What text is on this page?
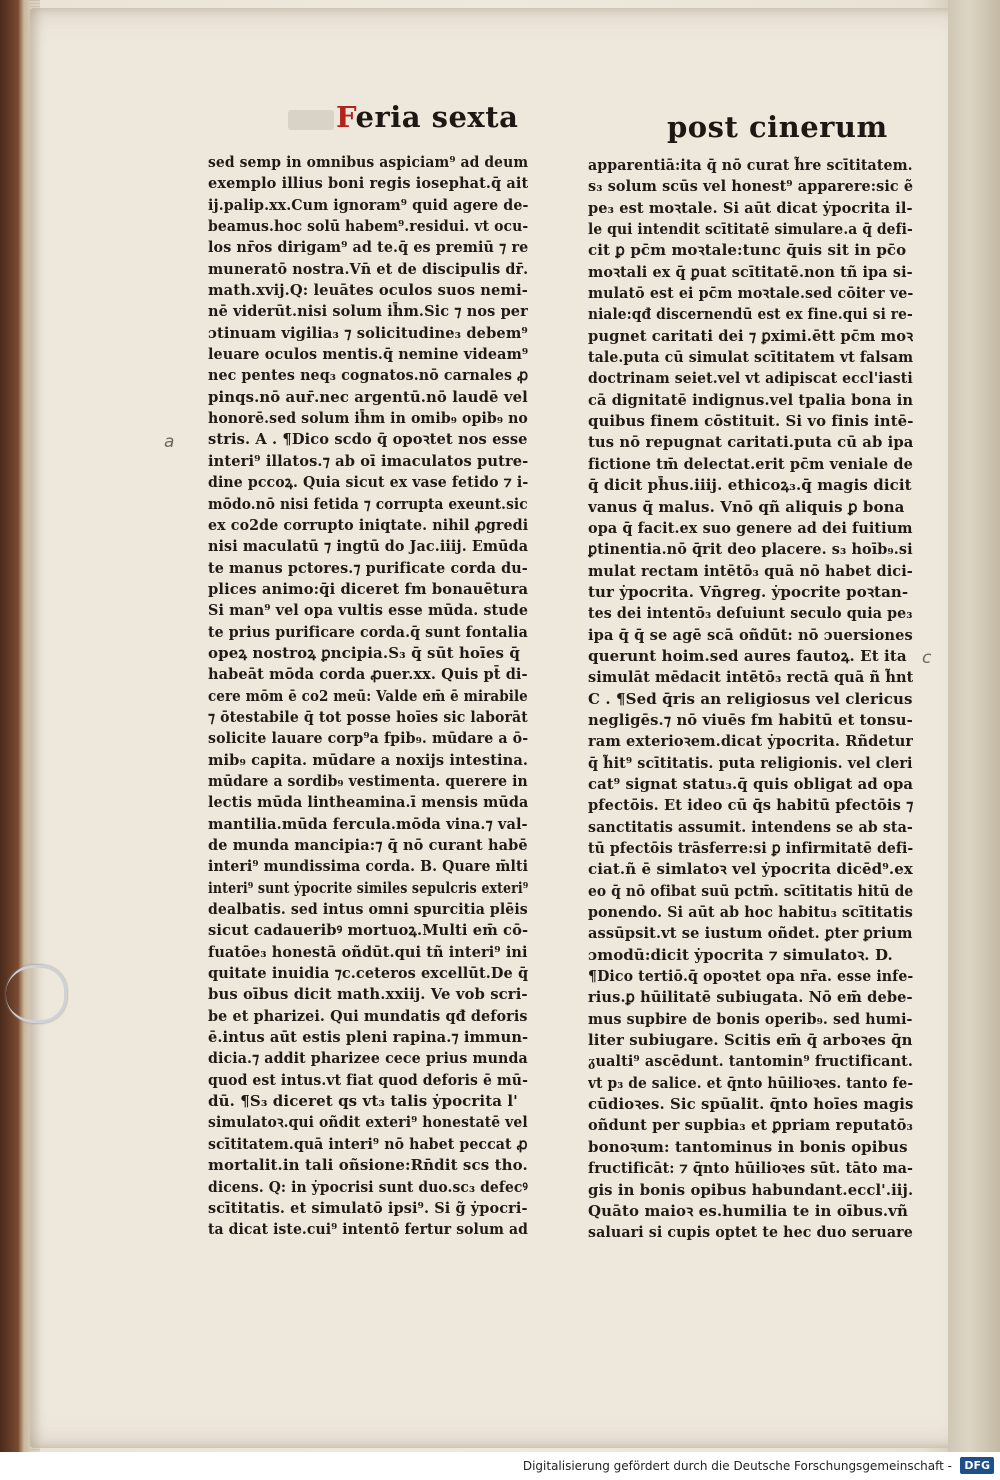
Feria sexta	post cinerum
sed semp in omnibus aspiciam⁹ ad deum
exemplo illius boni regis iosephat.q̄ ait
ij.palip.xx.Cum ignoram⁹ quid agere de-
beamus.hoc solū habem⁹.residui. vt ocu-
los nr̄os dirigam⁹ ad te.q̄ es premiū ⁊ re
muneratō nostra.Vn̄ et de discipulis dr̄.
math.xvij.Q: leuātes oculos suos nemi-
nē viderūt.nisi solum ih̄m.Sic ⁊ nos per
ɔtinuam vigilia₃ ⁊ solicitudine₃ debem⁹
leuare oculos mentis.q̄ nemine videam⁹
nec pentes neq₃ cognatos.nō carnales ꝓ
pinqs.nō aur̄.nec argentū.nō laudē vel
honorē.sed solum ih̄m in omib₉ opib₉ no
stris. A . ¶Dico scdo q̄ opoꝛtet nos esse
interi⁹ illatos.⁊ ab oī imaculatos putre-
dine pccoꝝ. Quia sicut ex vase fetido ⁊ i-
mōdo.nō nisi fetida ⁊ corrupta exeunt.sic
ex co2de corrupto iniqtate. nihil ꝓgredi
nisi maculatū ⁊ ingtū do Jac.iiij. Emūda
te manus pctores.⁊ purificate corda du-
plices animo:q̄i diceret fm bonauētura
Si man⁹ vel opa vultis esse mūda. stude
te prius purificare corda.q̄ sunt fontalia
opeꝝ nostroꝝ ꝑncipia.S₃ q̄ sūt hoīes q̄
habeāt mōda corda ꝓuer.xx. Quis pt̄ di-
cere mōm ē co2 meū: Valde em̄ ē mirabile
⁊ ōtestabile q̄ tot posse hoīes sic laborāt
solicite lauare corp⁹a fpib₉. mūdare a ō-
mib₉ capita. mūdare a noxijs intestina.
mūdare a sordib₉ vestimenta. querere in
lectis mūda lintheamina.ī mensis mūda
mantilia.mūda fercula.mōda vina.⁊ val-
de munda mancipia:⁊ q̄ nō curant habē
interi⁹ mundissima corda. B. Quare m̄lti
interi⁹ sunt ẏpocrite similes sepulcris exteri⁹
dealbatis. sed intus omni spurcitia plēis
sicut cadaueribꝰ mortuoꝝ.Multi em̄ cō-
fuatōe₃ honestā oñdūt.qui tñ interi⁹ ini
quitate inuidia ⁊c.ceteros excellūt.De q̄
bus oībus dicit math.xxiij. Ve vob scri-
be et pharizei. Qui mundatis qđ deforis
ē.intus aūt estis pleni rapina.⁊ immun-
dicia.⁊ addit pharizee cece prius munda
quod est intus.vt fiat quod deforis ē mū-
dū. ¶S₃ diceret qs vt₃ talis ẏpocrita l'
simulatoꝛ.qui oñdit exteri⁹ honestatē vel
scītitatem.quā interi⁹ nō habet peccat ꝓ
mortalit.in tali oñsione:Rn̄dit scs tho.
dicens. Q: in ẏpocrisi sunt duo.sc₃ defecꝰ
scītitatis. et simulatō ipsi⁹. Si g̃ ẏpocri-
ta dicat iste.cui⁹ intentō fertur solum ad
apparentiā:ita q̄ nō curat h̃re scītitatem.
s₃ solum scūs vel honest⁹ apparere:sic ẽ
pe₃ est moꝛtale. Si aūt dicat ẏpocrita il-
le qui intendit scītitatē simulare.a q̄ defi-
cit ꝑ pc̄m moꝛtale:tunc q̄uis sit in pc̄o
moꝛtali ex q̄ ꝑuat scītitatē.non tñ ipa si-
mulatō est ei pc̄m moꝛtale.sed cōiter ve-
niale:qđ discernendū est ex fine.qui si re-
pugnet caritati dei ⁊ ꝑximi.ētt pc̄m moꝛ
tale.puta cū simulat scītitatem vt falsam
doctrinam seiet.vel vt adipiscat eccl'iasti
cā dignitatē indignus.vel tpalia bona in
quibus finem cōstituit. Si vo finis intē-
tus nō repugnat caritati.puta cū ab ipa
fictione tm̄ delectat.erit pc̄m veniale de
q̄ dicit ph̄us.iiij. ethicoꝝ₃.q̄ magis dicit
vanus q̄ malus. Vnō qñ aliquis ꝑ bona
opa q̄ facit.ex suo genere ad dei fuitium
ꝑtinentia.nō q̄rit deo placere. s₃ hoīb₉.si
mulat rectam intētō₃ quā nō habet dici-
tur ẏpocrita. Vn̄greg. ẏpocrite poꝛtan-
tes dei intentō₃ deſuiunt seculo quia pe₃
ipa q̄ q̄ se agē scā oñdūt: nō ɔuersiones
querunt hoim.sed aures fautoꝝ. Et ita
simulāt mēdacit intētō₃ rectā quā ñ h̃nt
C . ¶Sed q̄ris an religiosus vel clericus
negligēs.⁊ nō viuēs fm habitū et tonsu-
ram exterioꝛem.dicat ẏpocrita. Rñdetur
q̄ h̃it⁹ scītitatis. puta religionis. vel cleri
cat⁹ signat statu₃.q̄ quis obligat ad opa
pfectōis. Et ideo cū q̄s habitū pfectōis ⁊
sanctitatis assumit. intendens se ab sta-
tū pfectōis trāsferre:si ꝑ infirmitatē defi-
ciat.ñ ē simlatoꝛ vel ẏpocrita dicēd⁹.ex
eo q̄ nō ofibat suū pctm̄. scītitatis hitū de
ponendo. Si aūt ab hoc habitu₃ scītitatis
assūpsit.vt se iustum oñdet. ꝑter ꝑrium
ɔmodū:dicit ẏpocrita ⁊ simulatoꝛ. D.
¶Dico tertiō.q̄ opoꝛtet opa nr̄a. esse infe-
rius.ꝑ hūilitatē subiugata. Nō em̄ debe-
mus supbire de bonis operib₉. sed humi-
liter subiugare. Scitis em̄ q̄ arboꝛes q̄n
ᵹualti⁹ ascēdunt. tantomin⁹ fructificant.
vt p₃ de salice. et q̄nto hūilioꝛes. tanto fe-
cūdioꝛes. Sic spūalit. q̄nto hoīes magis
oñdunt per supbia₃ et ꝑpriam reputatō₃
bonoꝛum: tantominus in bonis opibus
fructificāt: ⁊ q̄nto hūilioꝛes sūt. tāto ma-
gis in bonis opibus habundant.eccl'.iij.
Quāto maioꝛ es.humilia te in oībus.vñ
saluari si cupis optet te hec duo seruare
a
c
Digitalisierung gefördert durch die Deutsche Forschungsgemeinschaft -	DFG
